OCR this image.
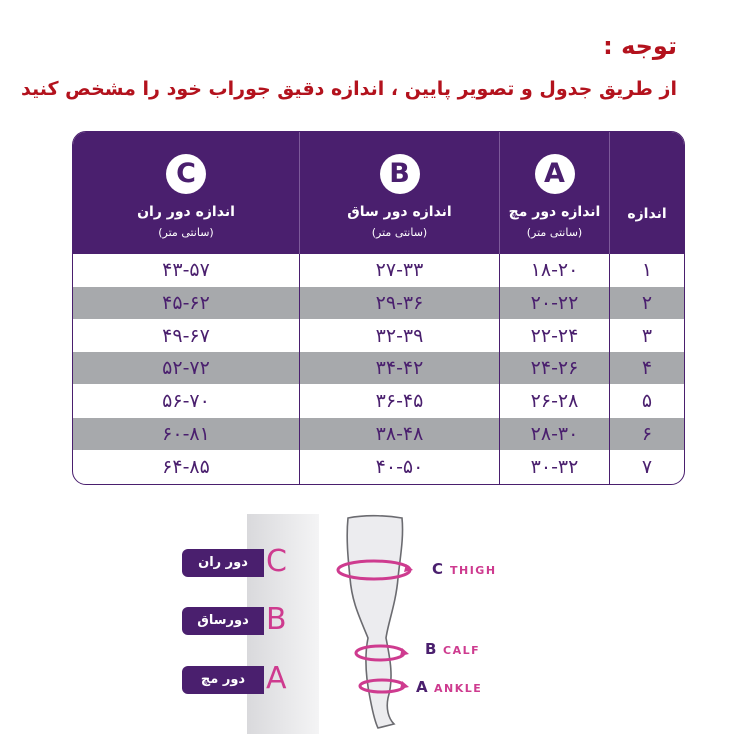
توجه :
از طریق جدول و تصویر پایین ، اندازه دقیق جوراب خود را مشخص کنید
C
اندازه دور ران
(سانتی متر)
B
اندازه دور ساق
(سانتی متر)
A
اندازه دور مچ
(سانتی متر)
اندازه
۴۳-۵۷	۲۷-۳۳	۱۸-۲۰	۱
۴۵-۶۲	۲۹-۳۶	۲۰-۲۲	۲
۴۹-۶۷	۳۲-۳۹	۲۲-۲۴	۳
۵۲-۷۲	۳۴-۴۲	۲۴-۲۶	۴
۵۶-۷۰	۳۶-۴۵	۲۶-۲۸	۵
۶۰-۸۱	۳۸-۴۸	۲۸-۳۰	۶
۶۴-۸۵	۴۰-۵۰	۳۰-۳۲	۷
دور ران C
دورساق B
دور مچ A
C THIGH
B CALF
A ANKLE
